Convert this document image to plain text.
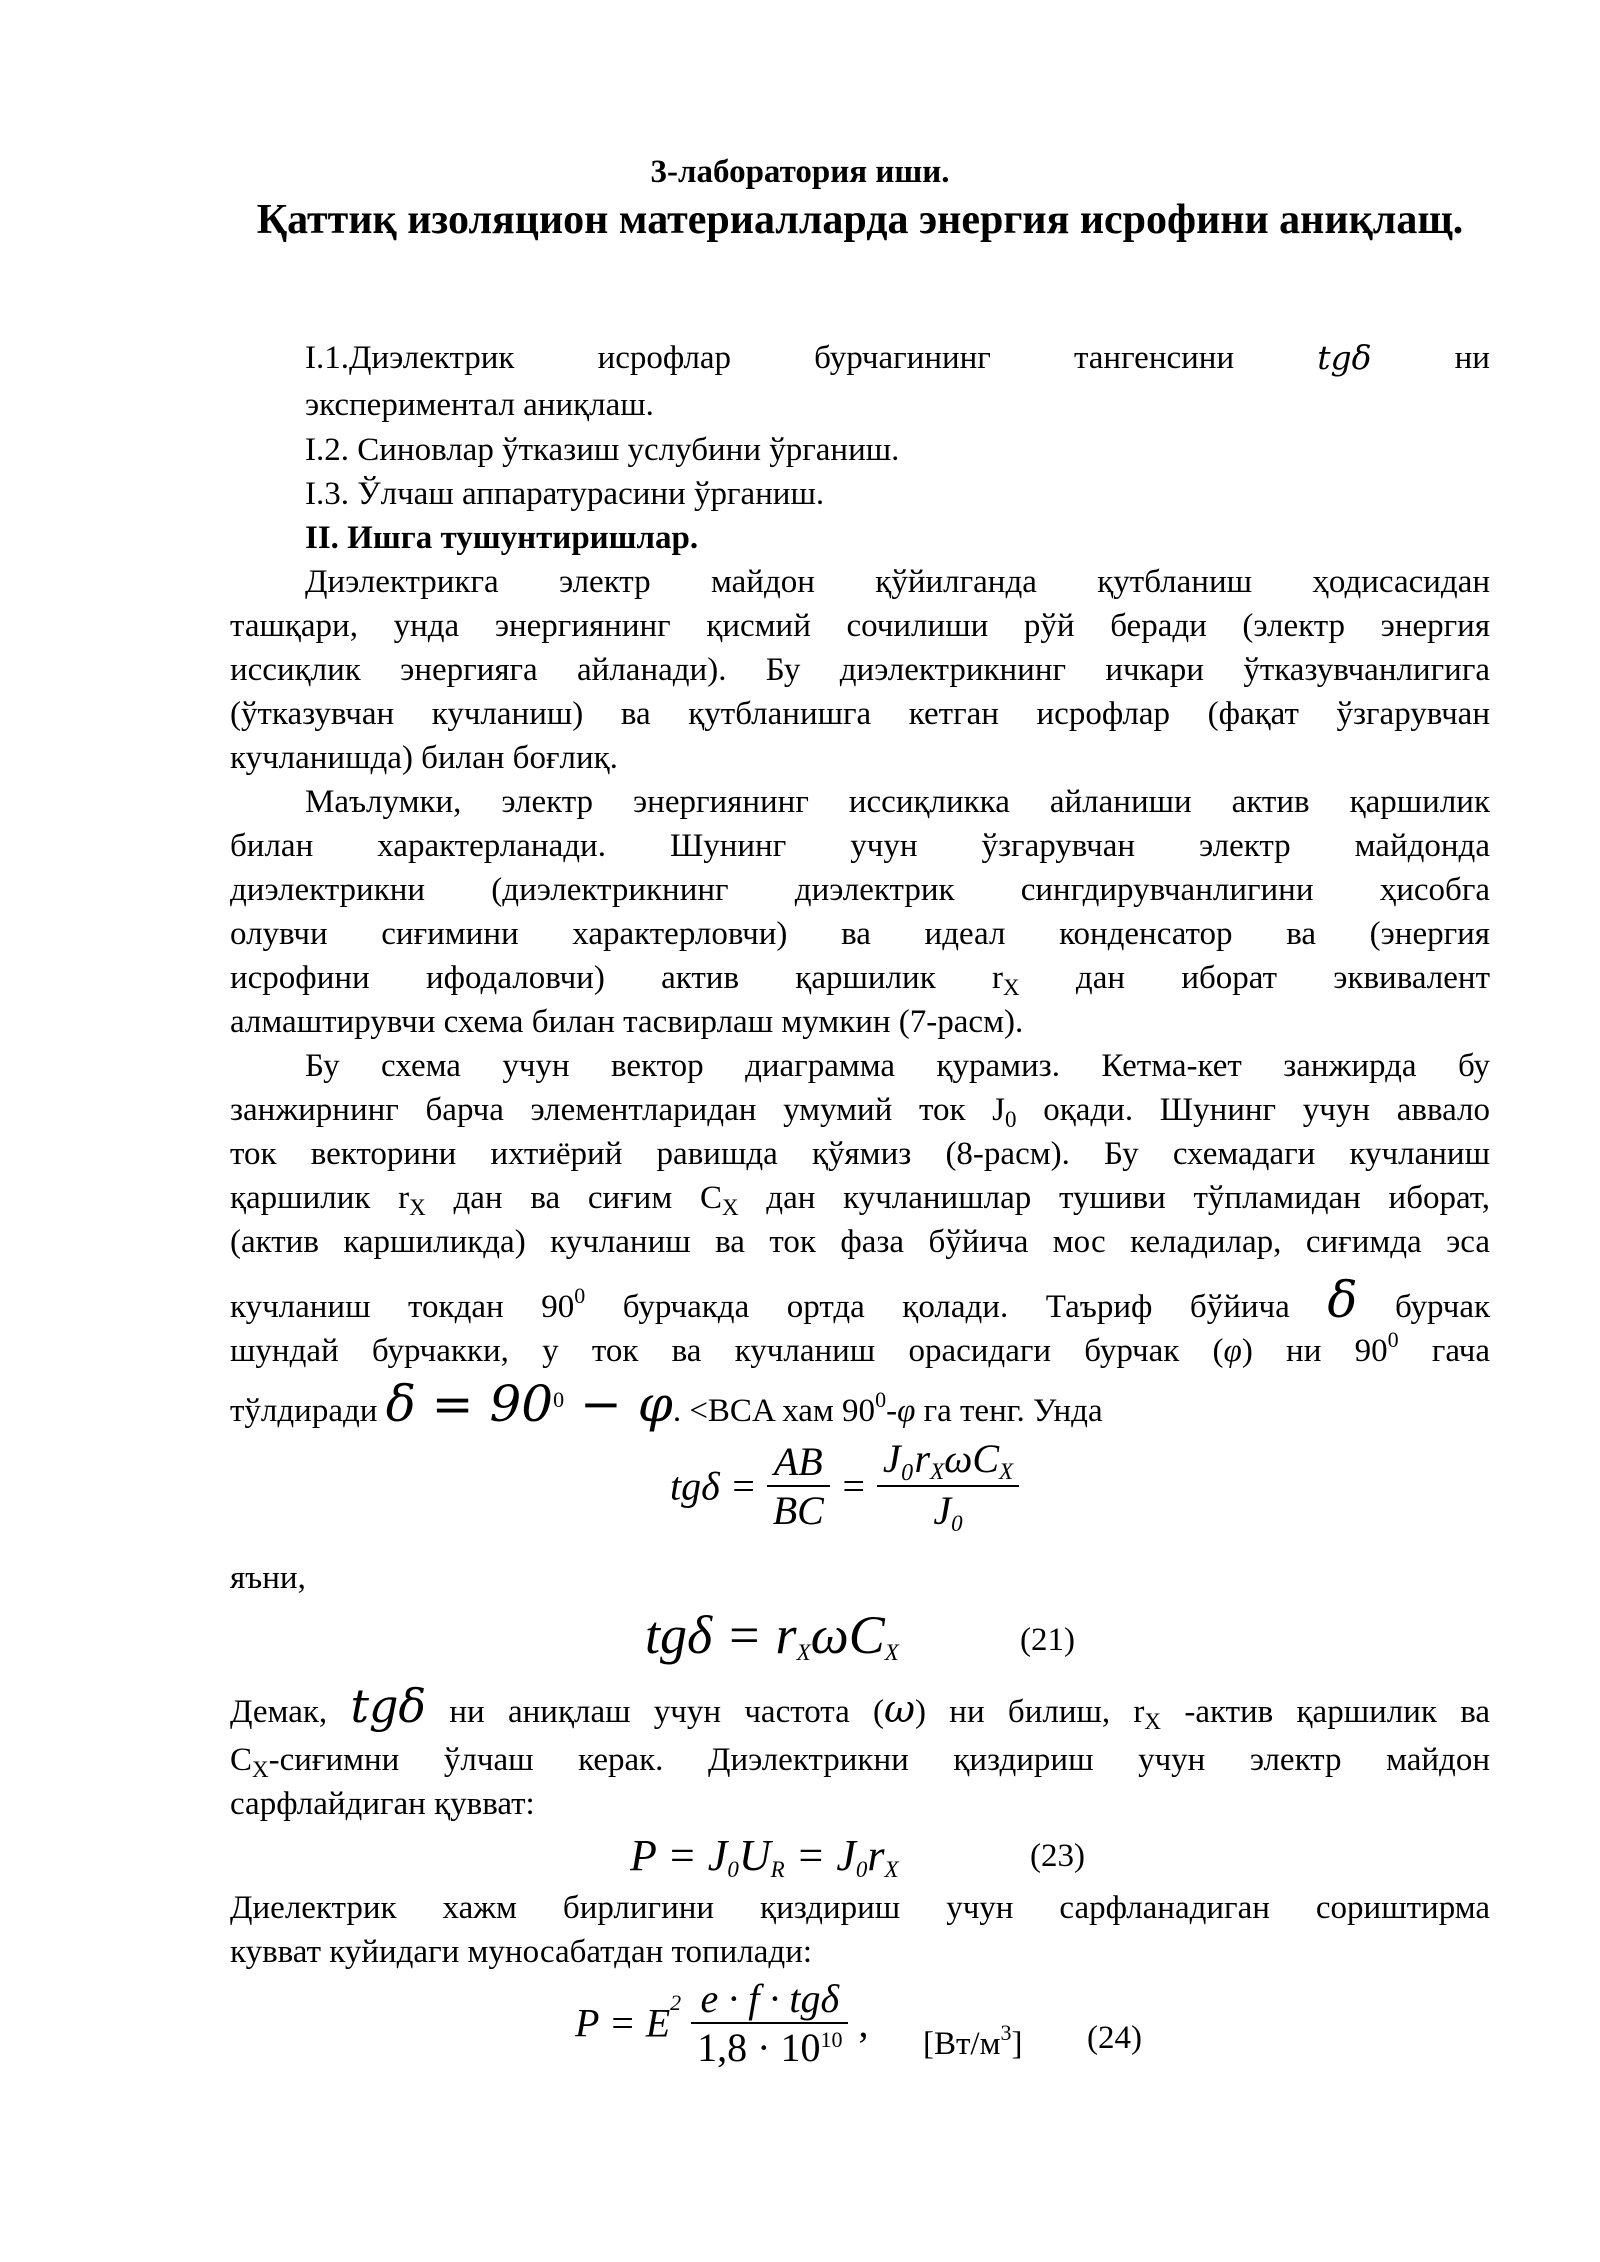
3-лаборатория иши.
Қаттиқ изоляцион материалларда энергия исрофини аниқлащ.
I.1.Диэлектрик	исрофлар	бурчагининг	тангенсини	tgδ	ни
экспериментал аниқлаш.
I.2. Синовлар ўтказиш услубини ўрганиш.
I.3. Ўлчаш аппаратурасини ўрганиш.
II. Ишга тушунтиришлар.
Диэлектрикга электр майдон қўйилганда қутбланиш ҳодисасидан
ташқари, унда энергиянинг қисмий сочилиши рўй беради (электр энергия
иссиқлик энергияга айланади). Бу диэлектрикнинг ичкари ўтказувчанлигига
(ўтказувчан кучланиш) ва қутбланишга кетган исрофлар (фақат ўзгарувчан
кучланишда) билан боғлиқ.
Маълумки, электр энергиянинг иссиқликка айланиши актив қаршилик
билан характерланади. Шунинг учун ўзгарувчан электр майдонда
диэлектрикни (диэлектрикнинг диэлектрик сингдирувчанлигини ҳисобга
олувчи сиғимини характерловчи) ва идеал конденсатор ва (энергия
исрофини ифодаловчи) актив қаршилик $r_X$ дан иборат эквивалент
алмаштирувчи схема билан тасвирлаш мумкин (7-расм).
Бу схема учун вектор диаграмма қурамиз. Кетма-кет занжирда бу
занжирнинг барча элементларидан умумий ток $J_0$ оқади. Шунинг учун аввало
ток векторини ихтиёрий равишда қўямиз (8-расм). Бу схемадаги кучланиш
қаршилик $r_X$ дан ва сиғим $C_X$ дан кучланишлар тушиви тўпламидан иборат,
(актив каршиликда) кучланиш ва ток фаза бўйича мос келадилар, сиғимда эса
кучланиш токдан $90^0$ бурчакда ортда қолади. Таъриф бўйича δ бурчак
шундай бурчакки, у ток ва кучланиш орасидаги бурчак (φ) ни $90^0$ гача
тўлдиради $\delta = 90^0 - \varphi$. <BCA хам $90^0-\varphi$ га тенг. Унда
$tg\delta = \frac{AB}{BC} = \frac{J_0r_X\omega C_X}{J_0}$
яъни,
$tg\delta = r_X\omega C_X$	(21)
Демак, tgδ ни аниқлаш учун частота (ω) ни билиш, $r_X$ -актив қаршилик ва
$C_X$-сиғимни ўлчаш керак. Диэлектрикни қиздириш учун электр майдон
сарфлайдиган қувват:
$P = J_0U_R = J_0r_X$	(23)
Диелектрик хажм бирлигини қиздириш учун сарфланадиган сориштирма
кувват куйидаги муносабатдан топилади:
$P = E^2 \frac{\text{e · f · tgδ}}{1,8 \cdot 10^{10}}$ , $[Вт/м^3]$ (24)
